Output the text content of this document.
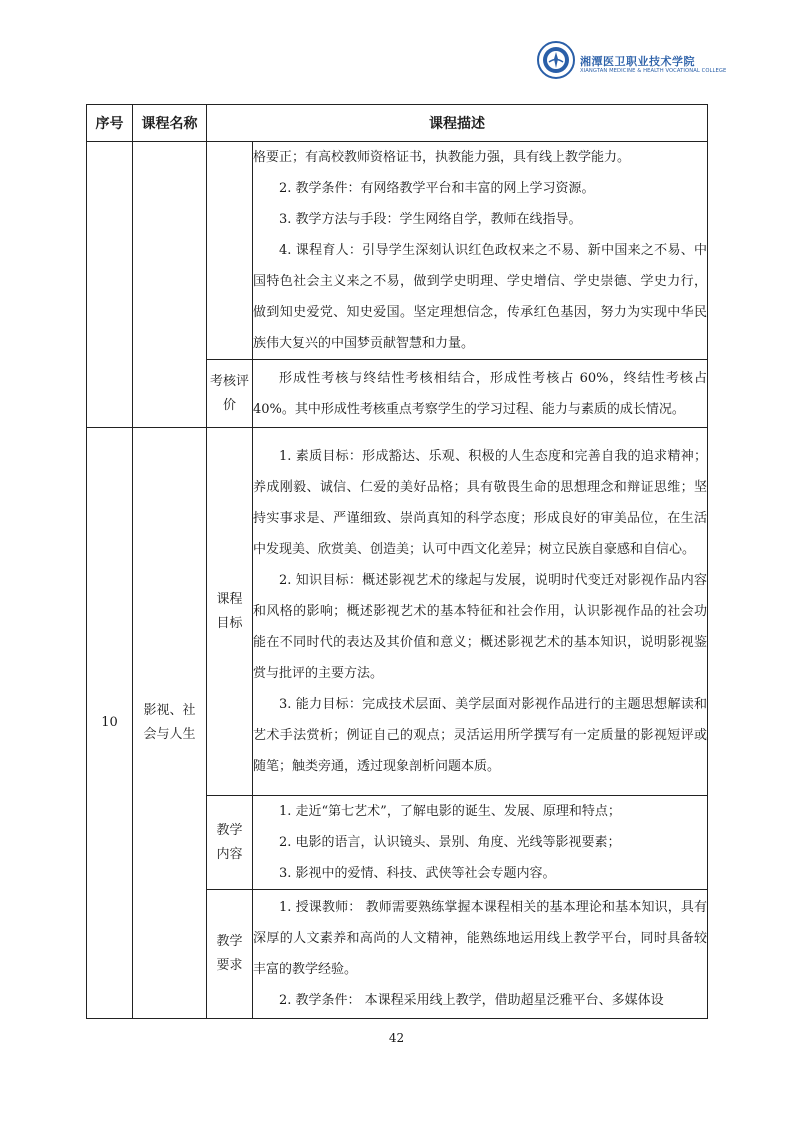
湘潭医卫职业技术学院
XIANGTAN MEDICINE & HEALTH VOCATIONAL COLLEGE
序号	课程名称	课程描述	

			格要正；有高校教师资格证书，执教能力强，具有线上教学能力。

2. 教学条件：有网络教学平台和丰富的网上学习资源。

3. 教学方法与手段：学生网络自学，教师在线指导。

4. 课程育人：引导学生深刻认识红色政权来之不易、新中国来之不易、中国特色社会主义来之不易，做到学史明理、学史增信、学史崇德、学史力行，做到知史爱党、知史爱国。坚定理想信念，传承红色基因，努力为实现中华民族伟大复兴的中国梦贡献智慧和力量。

		考核评价	形成性考核与终结性考核相结合，形成性考核占 60%，终结性考核占 40%。其中形成性考核重点考察学生的学习过程、能力与素质的成长情况。

10	影视、社会与人生	课程目标	1. 素质目标：形成豁达、乐观、积极的人生态度和完善自我的追求精神；养成刚毅、诚信、仁爱的美好品格；具有敬畏生命的思想理念和辩证思维；坚持实事求是、严谨细致、崇尚真知的科学态度；形成良好的审美品位，在生活中发现美、欣赏美、创造美；认可中西文化差异；树立民族自豪感和自信心。

2. 知识目标：概述影视艺术的缘起与发展，说明时代变迁对影视作品内容和风格的影响；概述影视艺术的基本特征和社会作用，认识影视作品的社会功能在不同时代的表达及其价值和意义；概述影视艺术的基本知识，说明影视鉴赏与批评的主要方法。

3. 能力目标：完成技术层面、美学层面对影视作品进行的主题思想解读和艺术手法赏析；例证自己的观点；灵活运用所学撰写有一定质量的影视短评或随笔；触类旁通，透过现象剖析问题本质。

		教学内容	1. 走近“第七艺术”，了解电影的诞生、发展、原理和特点；

2. 电影的语言，认识镜头、景别、角度、光线等影视要素；

3. 影视中的爱情、科技、武侠等社会专题内容。

		教学要求	1. 授课教师： 教师需要熟练掌握本课程相关的基本理论和基本知识，具有深厚的人文素养和高尚的人文精神，能熟练地运用线上教学平台，同时具备较丰富的教学经验。

2. 教学条件： 本课程采用线上教学，借助超星泛雅平台、多媒体设

42
